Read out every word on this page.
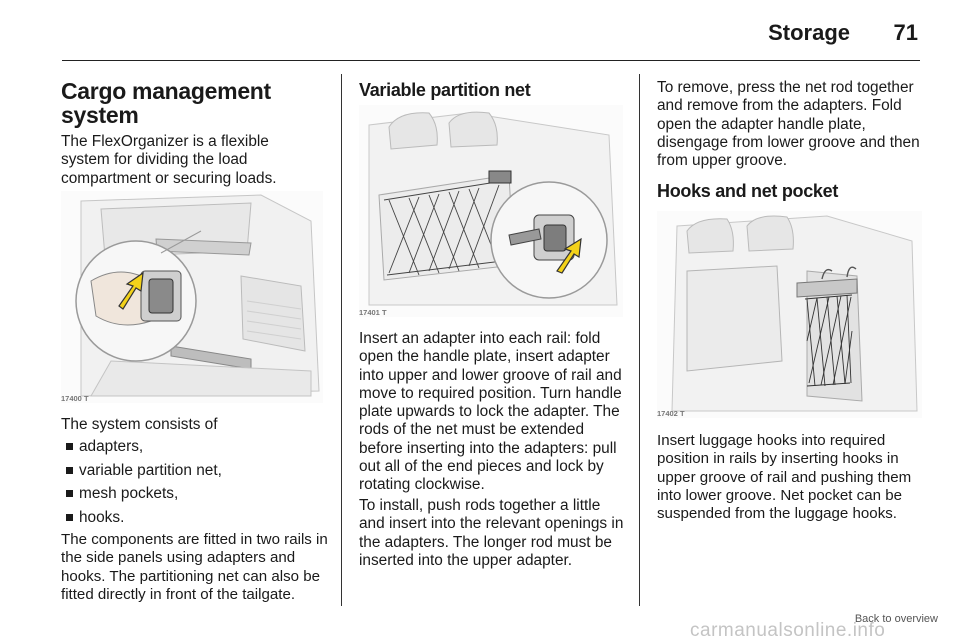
Storage 71
Cargo management system

The FlexOrganizer is a flexible system for dividing the load compartment or securing loads.

17400 T

The system consists of

adapters,
variable partition net,
mesh pockets,
hooks.

The components are fitted in two rails in the side panels using adapters and hooks. The partitioning net can also be fitted directly in front of the tailgate.

Variable partition net
17401 T

Insert an adapter into each rail: fold open the handle plate, insert adapter into upper and lower groove of rail and move to required position. Turn handle plate upwards to lock the adapter. The rods of the net must be extended before inserting into the adapters: pull out all of the end pieces and lock by rotating clockwise.

To install, push rods together a little and insert into the relevant openings in the adapters. The longer rod must be inserted into the upper adapter.

To remove, press the net rod together and remove from the adapters. Fold open the adapter handle plate, disengage from lower groove and then from upper groove.

Hooks and net pocket
17402 T

Insert luggage hooks into required position in rails by inserting hooks in upper groove of rail and pushing them into lower groove. Net pocket can be suspended from the luggage hooks.

Back to overview
carmanualsonline.info
